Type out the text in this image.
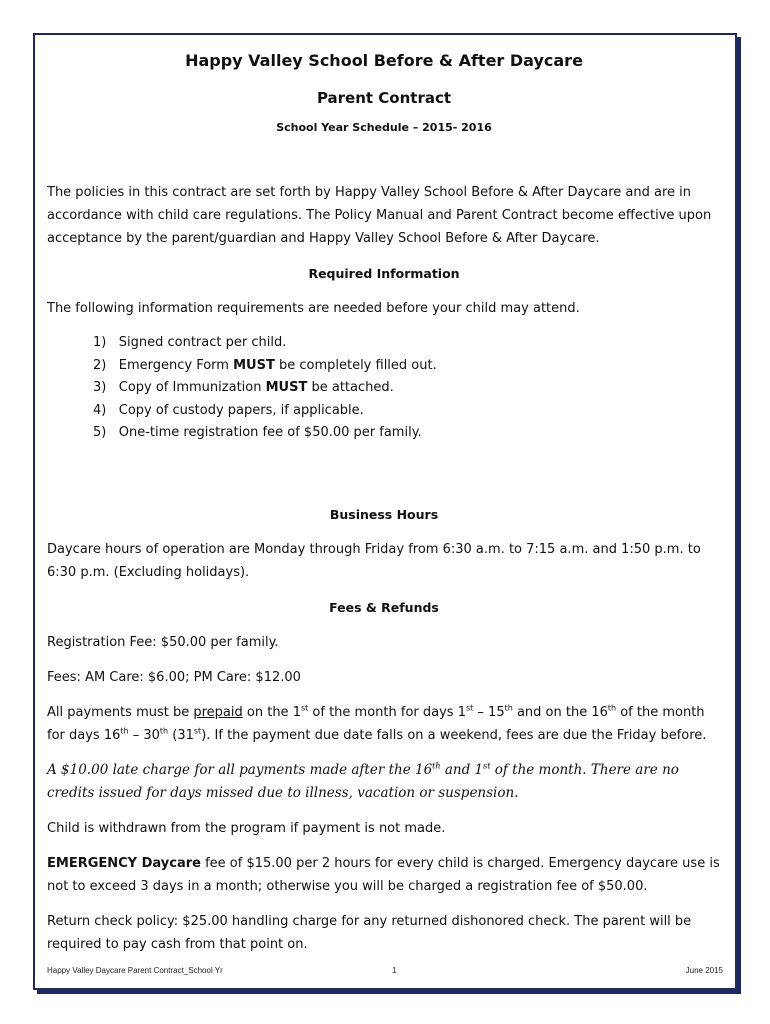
Happy Valley School Before & After Daycare

Parent Contract

School Year Schedule – 2015- 2016

The policies in this contract are set forth by Happy Valley School Before & After Daycare and are in accordance with child care regulations. The Policy Manual and Parent Contract become effective upon acceptance by the parent/guardian and Happy Valley School Before & After Daycare.

Required Information

The following information requirements are needed before your child may attend.

1) Signed contract per child.
2) Emergency Form MUST be completely filled out.
3) Copy of Immunization MUST be attached.
4) Copy of custody papers, if applicable.
5) One-time registration fee of $50.00 per family.

Business Hours

Daycare hours of operation are Monday through Friday from 6:30 a.m. to 7:15 a.m. and 1:50 p.m. to 6:30 p.m. (Excluding holidays).

Fees & Refunds

Registration Fee: $50.00 per family.

Fees: AM Care: $6.00; PM Care: $12.00

All payments must be prepaid on the 1st of the month for days 1st – 15th and on the 16th of the month for days 16th – 30th (31st). If the payment due date falls on a weekend, fees are due the Friday before.

A $10.00 late charge for all payments made after the 16th and 1st of the month. There are no credits issued for days missed due to illness, vacation or suspension.

Child is withdrawn from the program if payment is not made.

EMERGENCY Daycare fee of $15.00 per 2 hours for every child is charged. Emergency daycare use is not to exceed 3 days in a month; otherwise you will be charged a registration fee of $50.00.

Return check policy: $25.00 handling charge for any returned dishonored check. The parent will be required to pay cash from that point on.

Happy Valley Daycare Parent Contract_School Yr	1	June 2015
